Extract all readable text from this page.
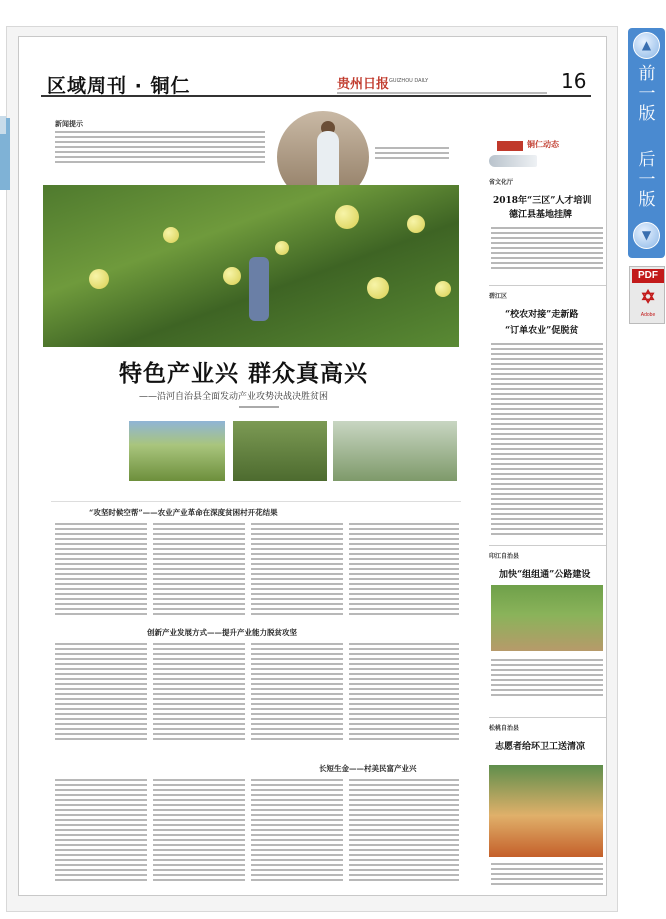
区域周刊 · 铜仁	贵州日报 GUIZHOU DAILY	16
新闻提示
特色产业兴 群众真高兴
——沿河自治县全面发动产业攻势决战决胜贫困
“攻坚时候空帮”——农业产业革命在深度贫困村开花结果
创新产业发展方式——提升产业能力脱贫攻坚
长短生金——村美民富产业兴
铜仁动态
省文化厅
2018年“三区”人才培训
德江县基地挂牌
碧江区
“校农对接”走新路
“订单农业”促脱贫
印江自治县
加快“组组通”公路建设
松桃自治县
志愿者给环卫工送清凉
▲
前一版
后一版
▼
PDF
✡
Adobe
